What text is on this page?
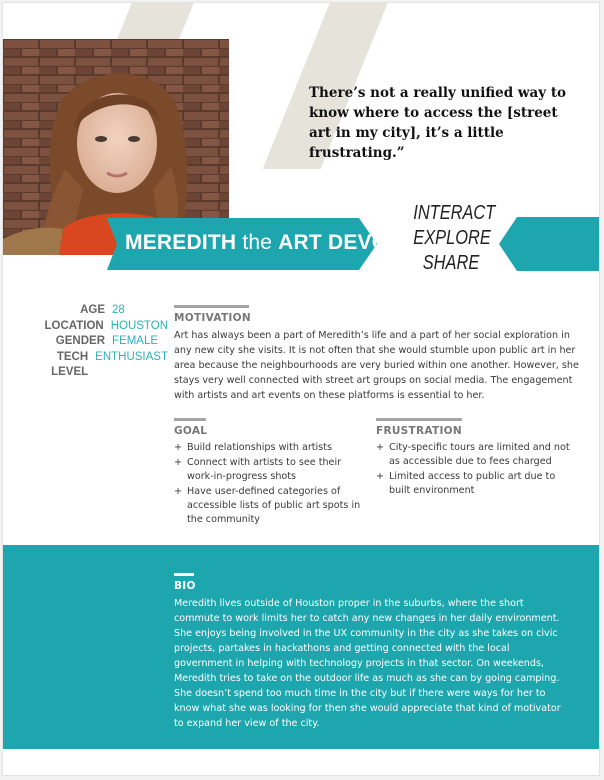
There’s not a really unified way to know where to access the [street art in my city], it’s a little frustrating.”
MEREDITH the ART DEVOTEE
INTERACT
EXPLORE
SHARE
AGE 28
LOCATION HOUSTON
GENDER FEMALE
TECH LEVEL
ENTHUSIAST
MOTIVATION
Art has always been a part of Meredith’s life and a part of her social exploration in any new city she visits. It is not often that she would stumble upon public art in her area because the neighbourhoods are very buried within one another. However, she stays very well connected with street art groups on social media. The engagement with artists and art events on these platforms is essential to her.
GOAL
+ Build relationships with artists
+ Connect with artists to see their work-in-progress shots
+ Have user-defined categories of accessible lists of public art spots in the community
FRUSTRATION
+ City-specific tours are limited and not as accessible due to fees charged
+ Limited access to public art due to built environment
BIO
Meredith lives outside of Houston proper in the suburbs, where the short commute to work limits her to catch any new changes in her daily environment. She enjoys being involved in the UX community in the city as she takes on civic projects, partakes in hackathons and getting connected with the local government in helping with technology projects in that sector. On weekends, Meredith tries to take on the outdoor life as much as she can by going camping. She doesn’t spend too much time in the city but if there were ways for her to know what she was looking for then she would appreciate that kind of motivator to expand her view of the city.
